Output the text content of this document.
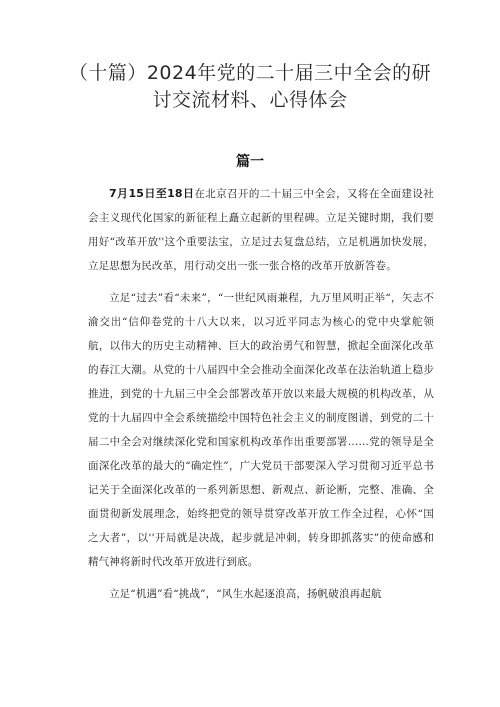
（十篇）2024年党的二十届三中全会的研
讨交流材料、心得体会
篇一

7月15日至18日在北京召开的二十届三中全会，又将在全面建设社会主义现代化国家的新征程上矗立起新的里程碑。立足关键时期，我们要用好“改革开放''这个重要法宝，立足过去复盘总结，立足机遇加快发展，立足思想为民改革，用行动交出一张一张合格的改革开放新答卷。

立足“过去”看“未来”，“一世纪风雨兼程，九万里风明正举“，矢志不渝交出“信仰卷党的十八大以来，以习近平同志为核心的党中央掌舵领航，以伟大的历史主动精神、巨大的政治勇气和智慧，掀起全面深化改革的春江大潮。从党的十八届四中全会推动全面深化改革在法治轨道上稳步推进，到党的十九届三中全会部署改革开放以来最大规模的机构改革，从党的十九届四中全会系统描绘中国特色社会主义的制度图谱，到党的二十届二中全会对继续深化党和国家机构改革作出重要部署……党的领导是全面深化改革的最大的“确定性”，广大党员干部要深入学习贯彻习近平总书记关于全面深化改革的一系列新思想、新观点、新论断，完整、准确、全面贯彻新发展理念，始终把党的领导贯穿改革开放工作全过程，心怀“国之大者”，以''开局就是决战，起步就是冲刺，转身即抓落实”的使命感和精气神将新时代改革开放进行到底。

立足“机遇”看“挑战”，“风生水起逐浪高，扬帆破浪再起航
